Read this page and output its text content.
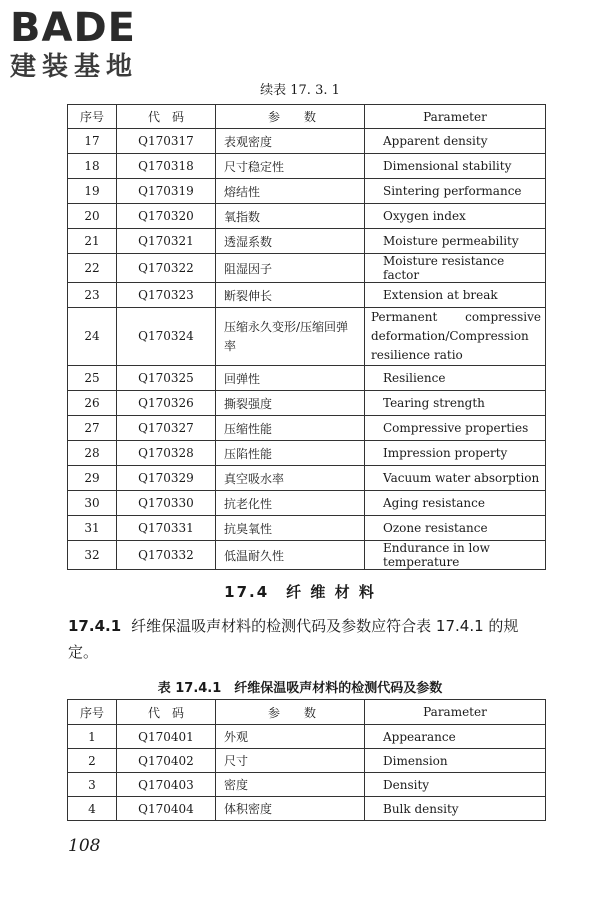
BADE
建装基地
续表 17. 3. 1
序号	代　码	参　　数	Parameter
17	Q170317	表观密度	Apparent density
18	Q170318	尺寸稳定性	Dimensional stability
19	Q170319	熔结性	Sintering performance
20	Q170320	氧指数	Oxygen index
21	Q170321	透湿系数	Moisture permeability
22	Q170322	阻湿因子	Moisture resistance factor
23	Q170323	断裂伸长	Extension at break
24	Q170324	压缩永久变形/压缩回弹率	Permanent compressive deformation/Compression resilience ratio
25	Q170325	回弹性	Resilience
26	Q170326	撕裂强度	Tearing strength
27	Q170327	压缩性能	Compressive properties
28	Q170328	压陷性能	Impression property
29	Q170329	真空吸水率	Vacuum water absorption
30	Q170330	抗老化性	Aging resistance
31	Q170331	抗臭氧性	Ozone resistance
32	Q170332	低温耐久性	Endurance in low temperature
17.4　纤 维 材 料

17.4.1 纤维保温吸声材料的检测代码及参数应符合表 17.4.1 的规定。

表 17.4.1　纤维保温吸声材料的检测代码及参数
序号	代　码	参　　数	Parameter
1	Q170401	外观	Appearance
2	Q170402	尺寸	Dimension
3	Q170403	密度	Density
4	Q170404	体积密度	Bulk density
108
